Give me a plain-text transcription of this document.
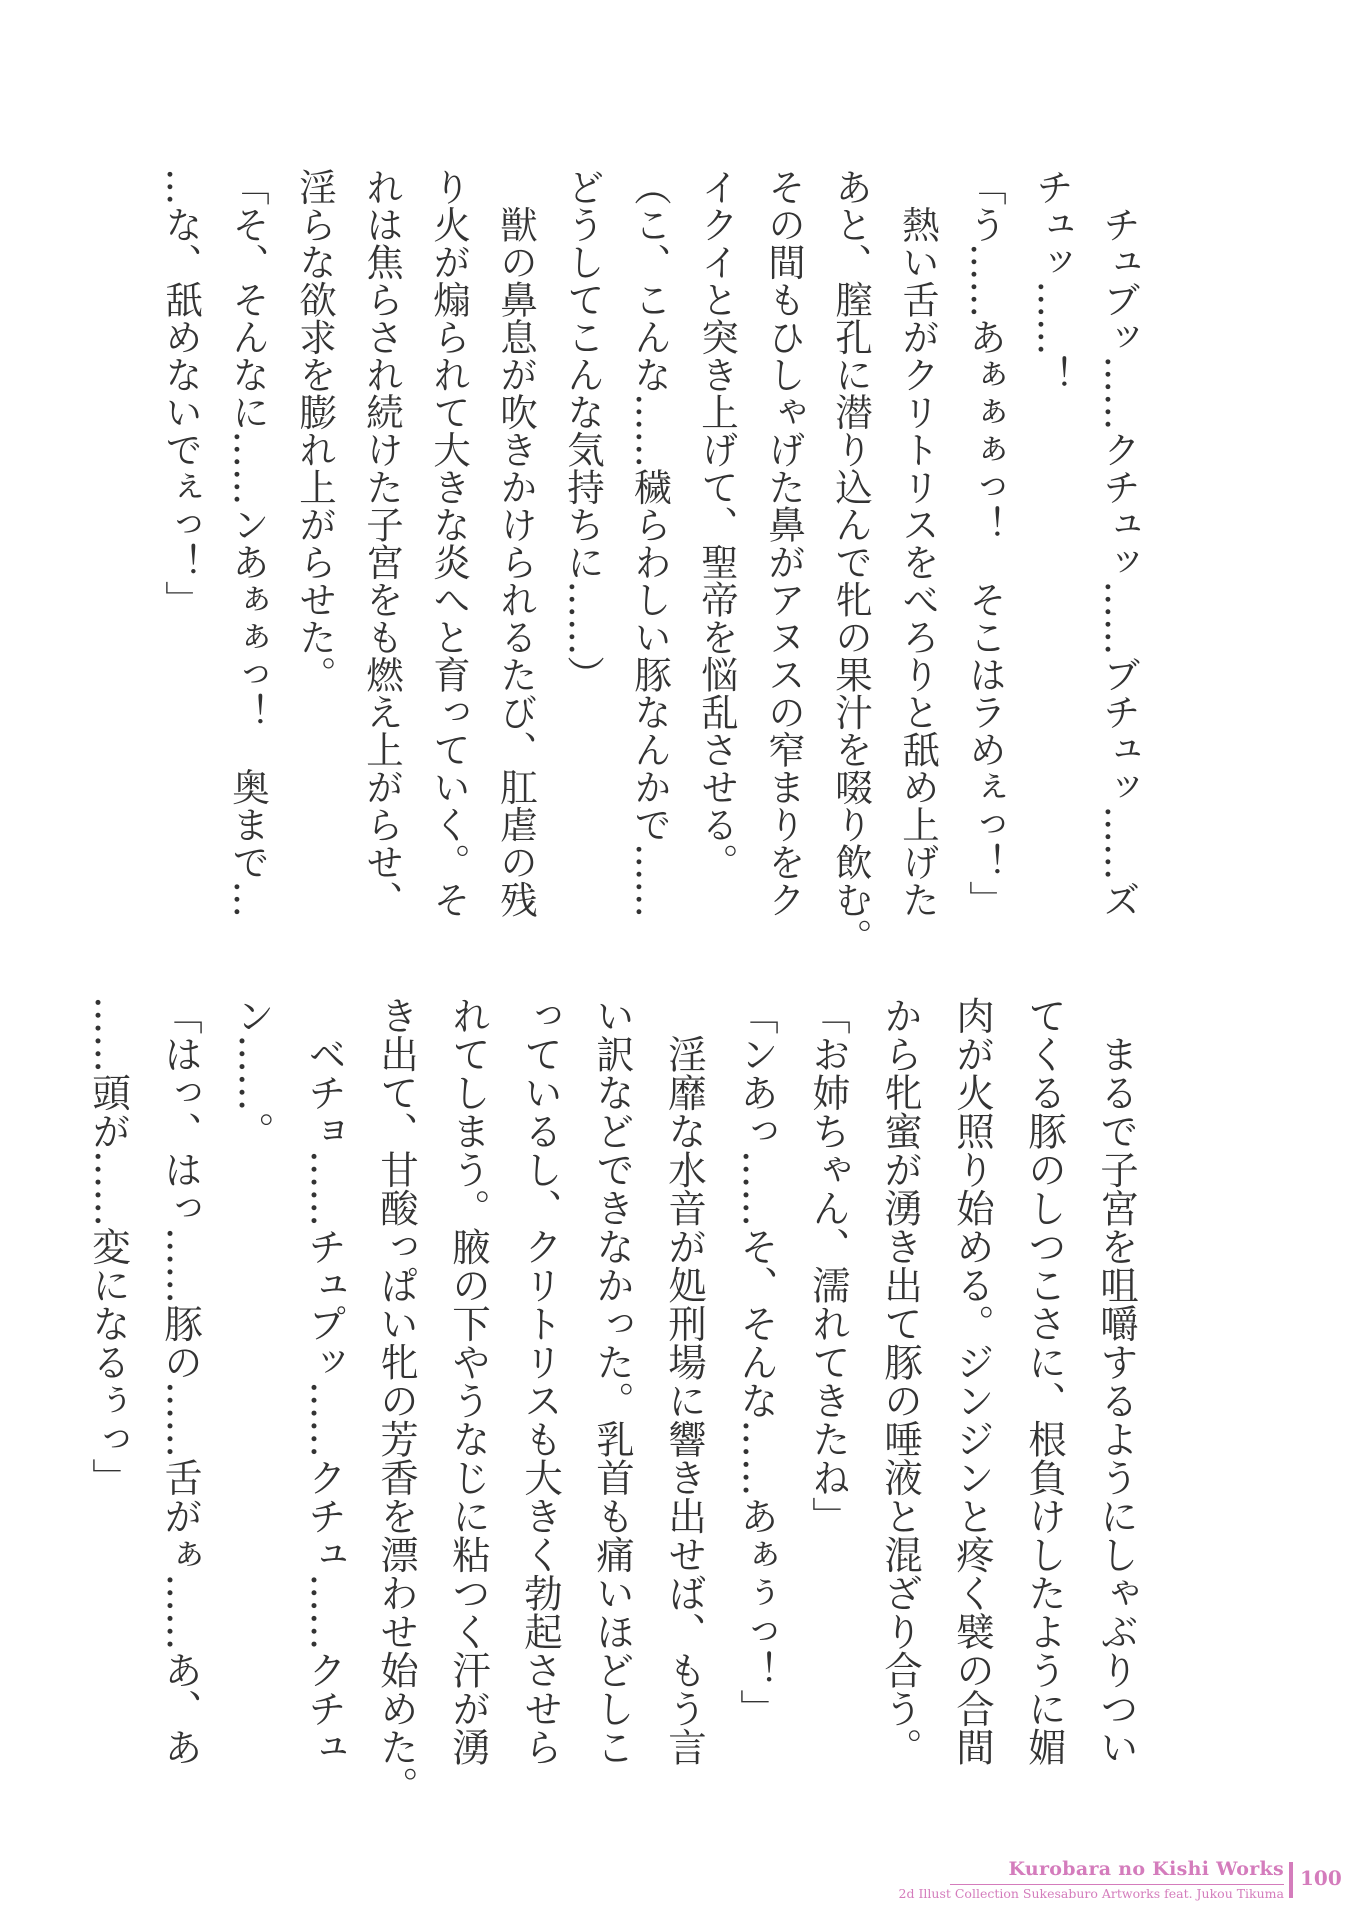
　チュブッ……クチュッ……ブチュッ……ズ
チュッ……！
「う……あぁぁぁっ！　そこはラめぇっ！」
　熱い舌がクリトリスをべろりと舐め上げた
あと、膣孔に潜り込んで牝の果汁を啜り飲む。
その間もひしゃげた鼻がアヌスの窄まりをク
イクイと突き上げて、聖帝を悩乱させる。
（こ、こんな……穢らわしい豚なんかで……
どうしてこんな気持ちに……）
　獣の鼻息が吹きかけられるたび、肛虐の残
り火が煽られて大きな炎へと育っていく。そ
れは焦らされ続けた子宮をも燃え上がらせ、
淫らな欲求を膨れ上がらせた。
「そ、そんなに……ンあぁぁっ！　奥まで…
…な、舐めないでぇっ！」
　まるで子宮を咀嚼するようにしゃぶりつい
てくる豚のしつこさに、根負けしたように媚
肉が火照り始める。ジンジンと疼く襞の合間
から牝蜜が湧き出て豚の唾液と混ざり合う。
「お姉ちゃん、濡れてきたね」
「ンあっ……そ、そんな……あぁぅっ！」
　淫靡な水音が処刑場に響き出せば、もう言
い訳などできなかった。乳首も痛いほどしこ
っているし、クリトリスも大きく勃起させら
れてしまう。腋の下やうなじに粘つく汗が湧
き出て、甘酸っぱい牝の芳香を漂わせ始めた。
　ベチョ……チュプッ……クチュ……クチュ
ン……。
「はっ、はっ……豚の……舌がぁ……あ、あ
……頭が……変になるぅっ」
Kurobara no Kishi Works
2d Illust Collection Sukesaburo Artworks feat. Jukou Tikuma
100
